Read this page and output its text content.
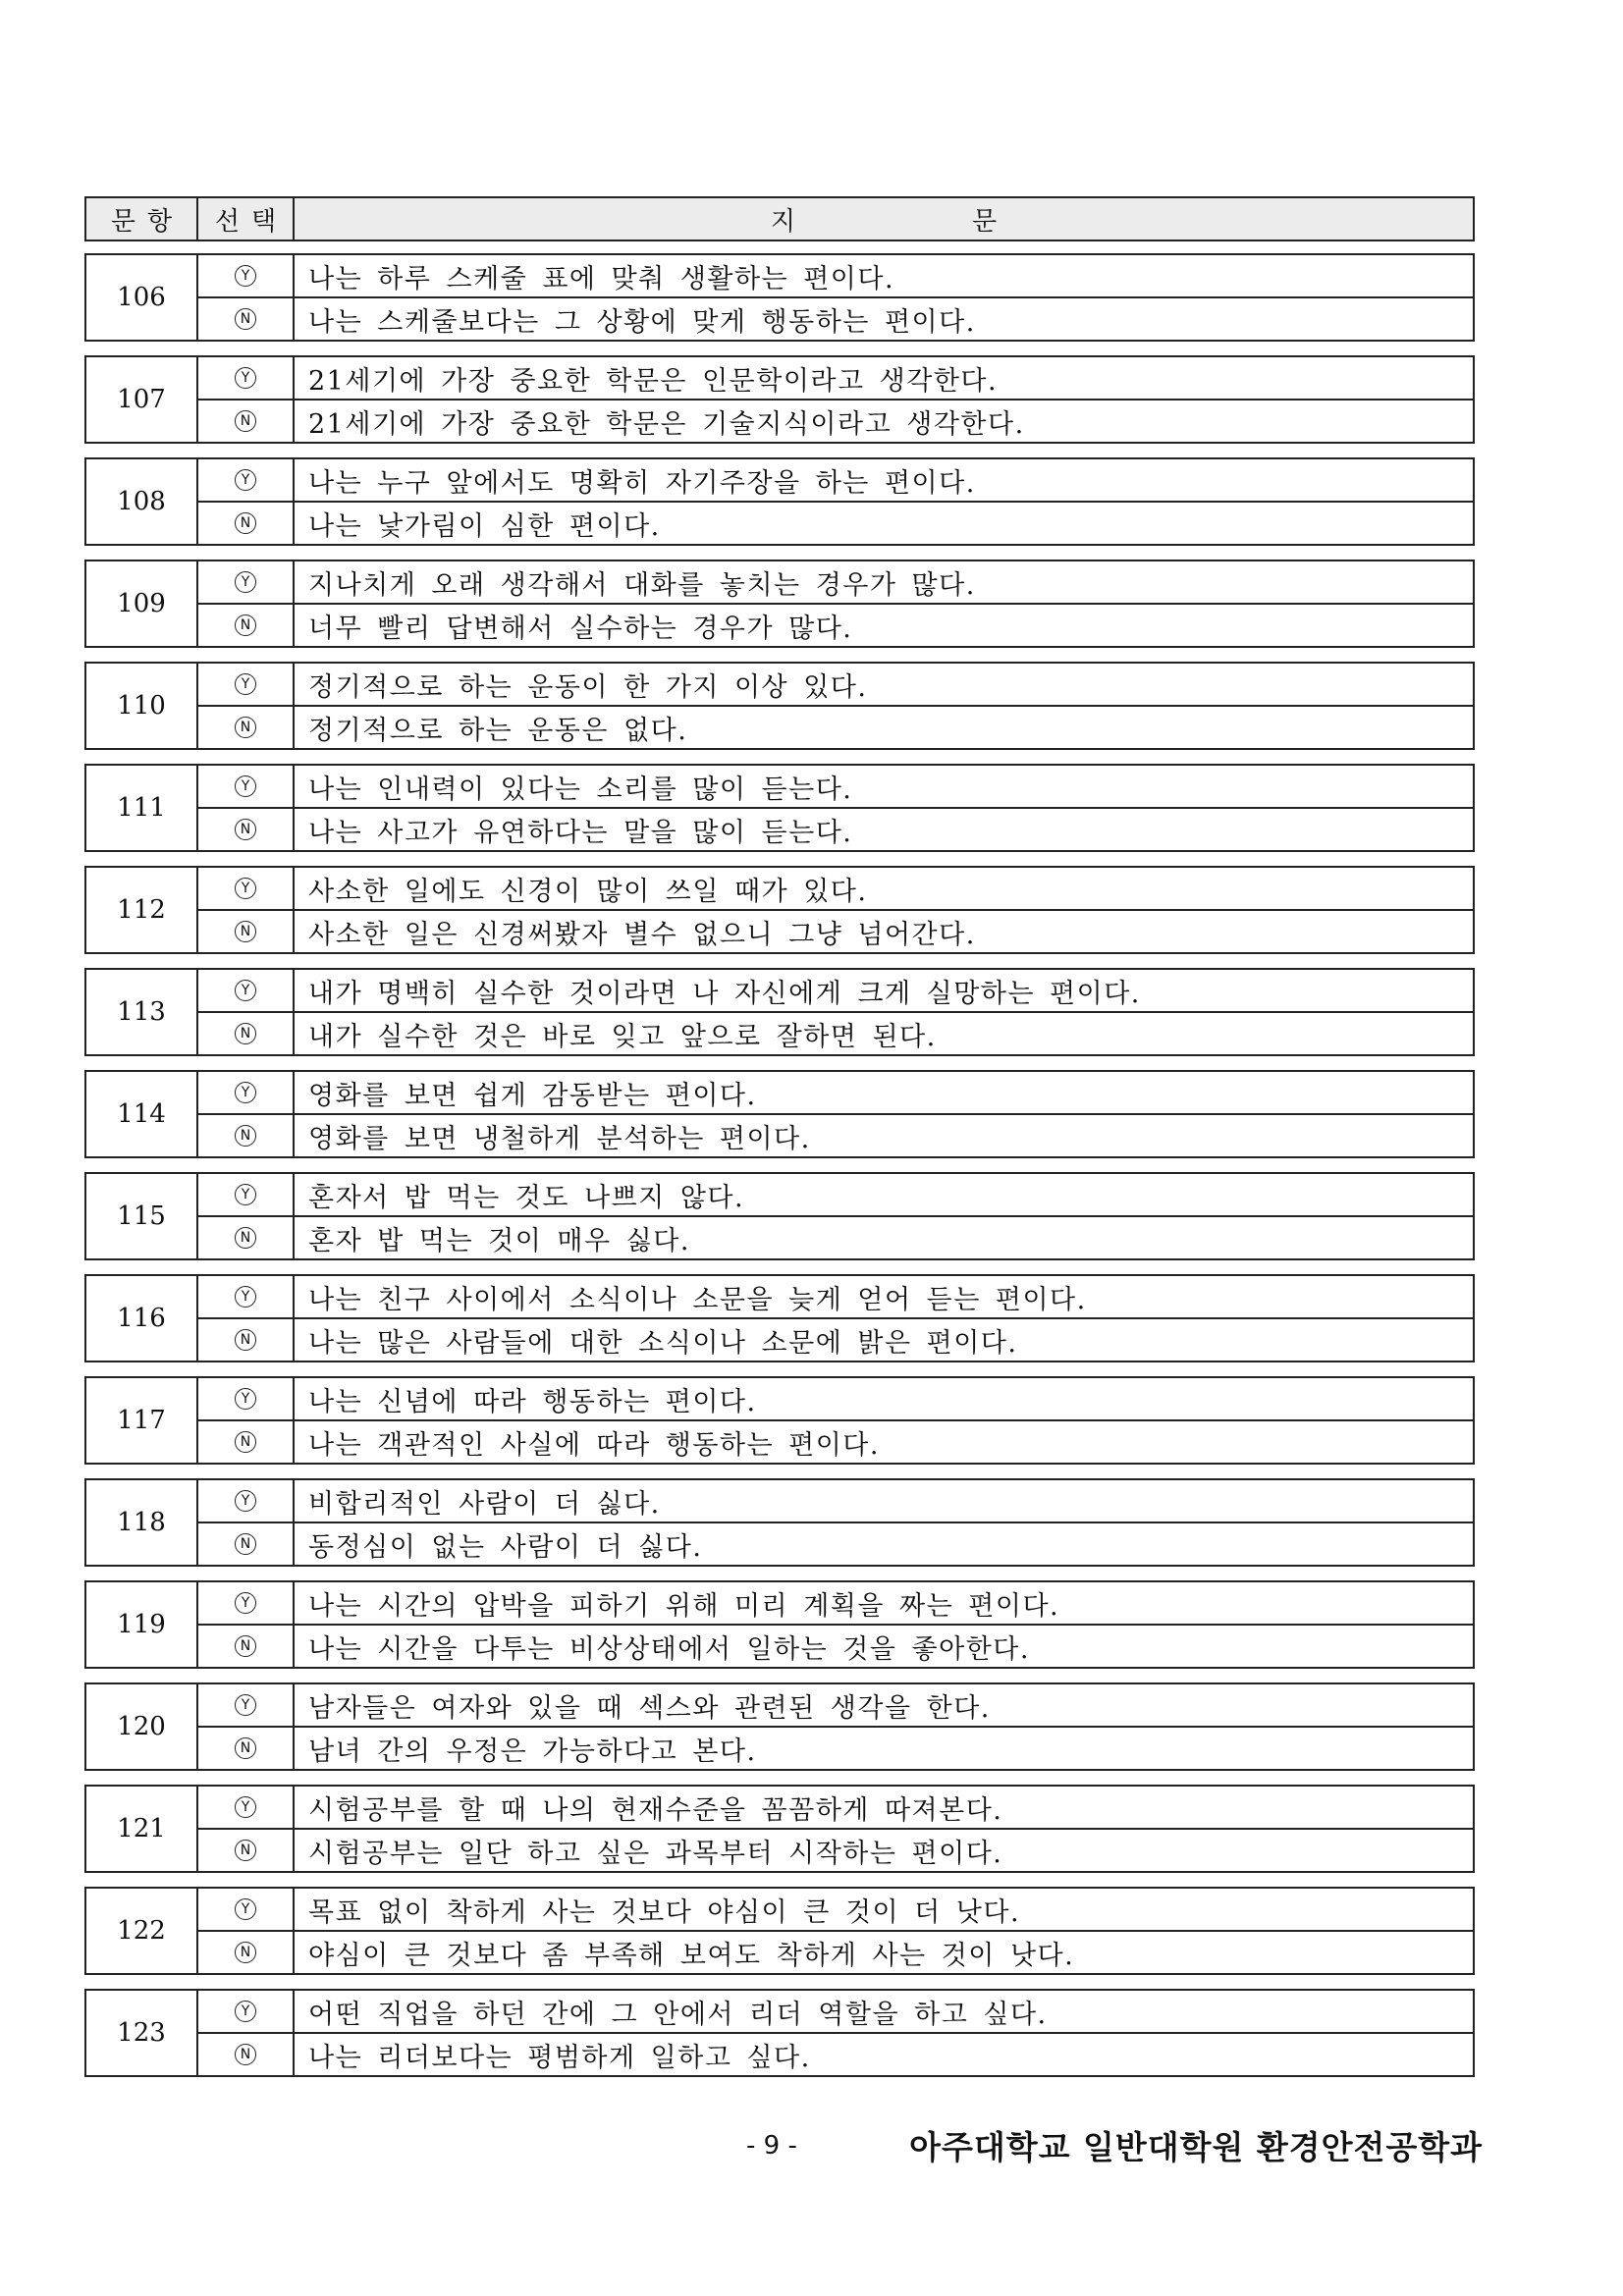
문항	선택	지문
106
Y	나는 하루 스케줄 표에 맞춰 생활하는 편이다.
N	나는 스케줄보다는 그 상황에 맞게 행동하는 편이다.
107
Y	21세기에 가장 중요한 학문은 인문학이라고 생각한다.
N	21세기에 가장 중요한 학문은 기술지식이라고 생각한다.
108
Y	나는 누구 앞에서도 명확히 자기주장을 하는 편이다.
N	나는 낯가림이 심한 편이다.
109
Y	지나치게 오래 생각해서 대화를 놓치는 경우가 많다.
N	너무 빨리 답변해서 실수하는 경우가 많다.
110
Y	정기적으로 하는 운동이 한 가지 이상 있다.
N	정기적으로 하는 운동은 없다.
111
Y	나는 인내력이 있다는 소리를 많이 듣는다.
N	나는 사고가 유연하다는 말을 많이 듣는다.
112
Y	사소한 일에도 신경이 많이 쓰일 때가 있다.
N	사소한 일은 신경써봤자 별수 없으니 그냥 넘어간다.
113
Y	내가 명백히 실수한 것이라면 나 자신에게 크게 실망하는 편이다.
N	내가 실수한 것은 바로 잊고 앞으로 잘하면 된다.
114
Y	영화를 보면 쉽게 감동받는 편이다.
N	영화를 보면 냉철하게 분석하는 편이다.
115
Y	혼자서 밥 먹는 것도 나쁘지 않다.
N	혼자 밥 먹는 것이 매우 싫다.
116
Y	나는 친구 사이에서 소식이나 소문을 늦게 얻어 듣는 편이다.
N	나는 많은 사람들에 대한 소식이나 소문에 밝은 편이다.
117
Y	나는 신념에 따라 행동하는 편이다.
N	나는 객관적인 사실에 따라 행동하는 편이다.
118
Y	비합리적인 사람이 더 싫다.
N	동정심이 없는 사람이 더 싫다.
119
Y	나는 시간의 압박을 피하기 위해 미리 계획을 짜는 편이다.
N	나는 시간을 다투는 비상상태에서 일하는 것을 좋아한다.
120
Y	남자들은 여자와 있을 때 섹스와 관련된 생각을 한다.
N	남녀 간의 우정은 가능하다고 본다.
121
Y	시험공부를 할 때 나의 현재수준을 꼼꼼하게 따져본다.
N	시험공부는 일단 하고 싶은 과목부터 시작하는 편이다.
122
Y	목표 없이 착하게 사는 것보다 야심이 큰 것이 더 낫다.
N	야심이 큰 것보다 좀 부족해 보여도 착하게 사는 것이 낫다.
123
Y	어떤 직업을 하던 간에 그 안에서 리더 역할을 하고 싶다.
N	나는 리더보다는 평범하게 일하고 싶다.
- 9 -	아주대학교 일반대학원 환경안전공학과
